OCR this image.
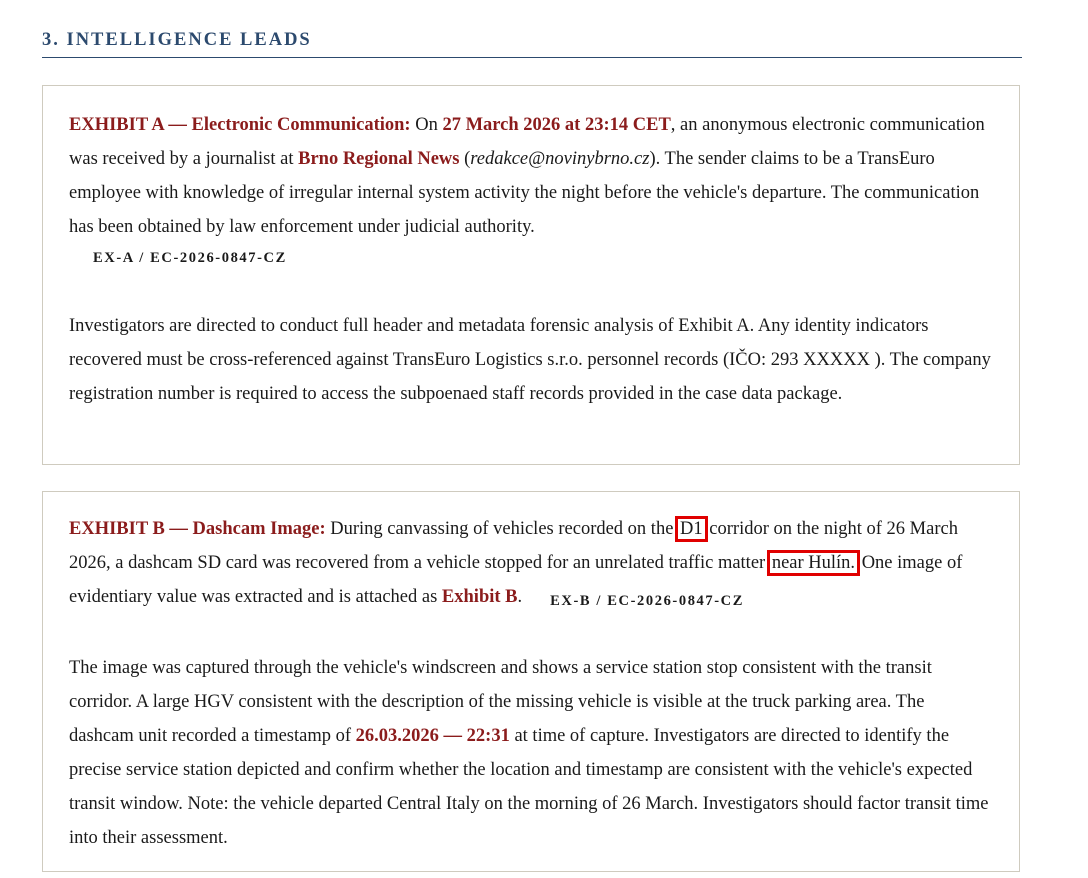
3. INTELLIGENCE LEADS

EXHIBIT A — Electronic Communication: On 27 March 2026 at 23:14 CET, an anonymous electronic communication was received by a journalist at Brno Regional News (redakce@novinybrno.cz). The sender claims to be a TransEuro employee with knowledge of irregular internal system activity the night before the vehicle's departure. The communication has been obtained by law enforcement under judicial authority.

EX-A / EC-2026-0847-CZ

Investigators are directed to conduct full header and metadata forensic analysis of Exhibit A. Any identity indicators recovered must be cross-referenced against TransEuro Logistics s.r.o. personnel records (IČO: 293 XXXXX ). The company registration number is required to access the subpoenaed staff records provided in the case data package.

EXHIBIT B — Dashcam Image: During canvassing of vehicles recorded on the D1 corridor on the night of 26 March 2026, a dashcam SD card was recovered from a vehicle stopped for an unrelated traffic matter near Hulín. One image of evidentiary value was extracted and is attached as Exhibit B. EX-B / EC-2026-0847-CZ

The image was captured through the vehicle's windscreen and shows a service station stop consistent with the transit corridor. A large HGV consistent with the description of the missing vehicle is visible at the truck parking area. The dashcam unit recorded a timestamp of 26.03.2026 — 22:31 at time of capture. Investigators are directed to identify the precise service station depicted and confirm whether the location and timestamp are consistent with the vehicle's expected transit window. Note: the vehicle departed Central Italy on the morning of 26 March. Investigators should factor transit time into their assessment.
